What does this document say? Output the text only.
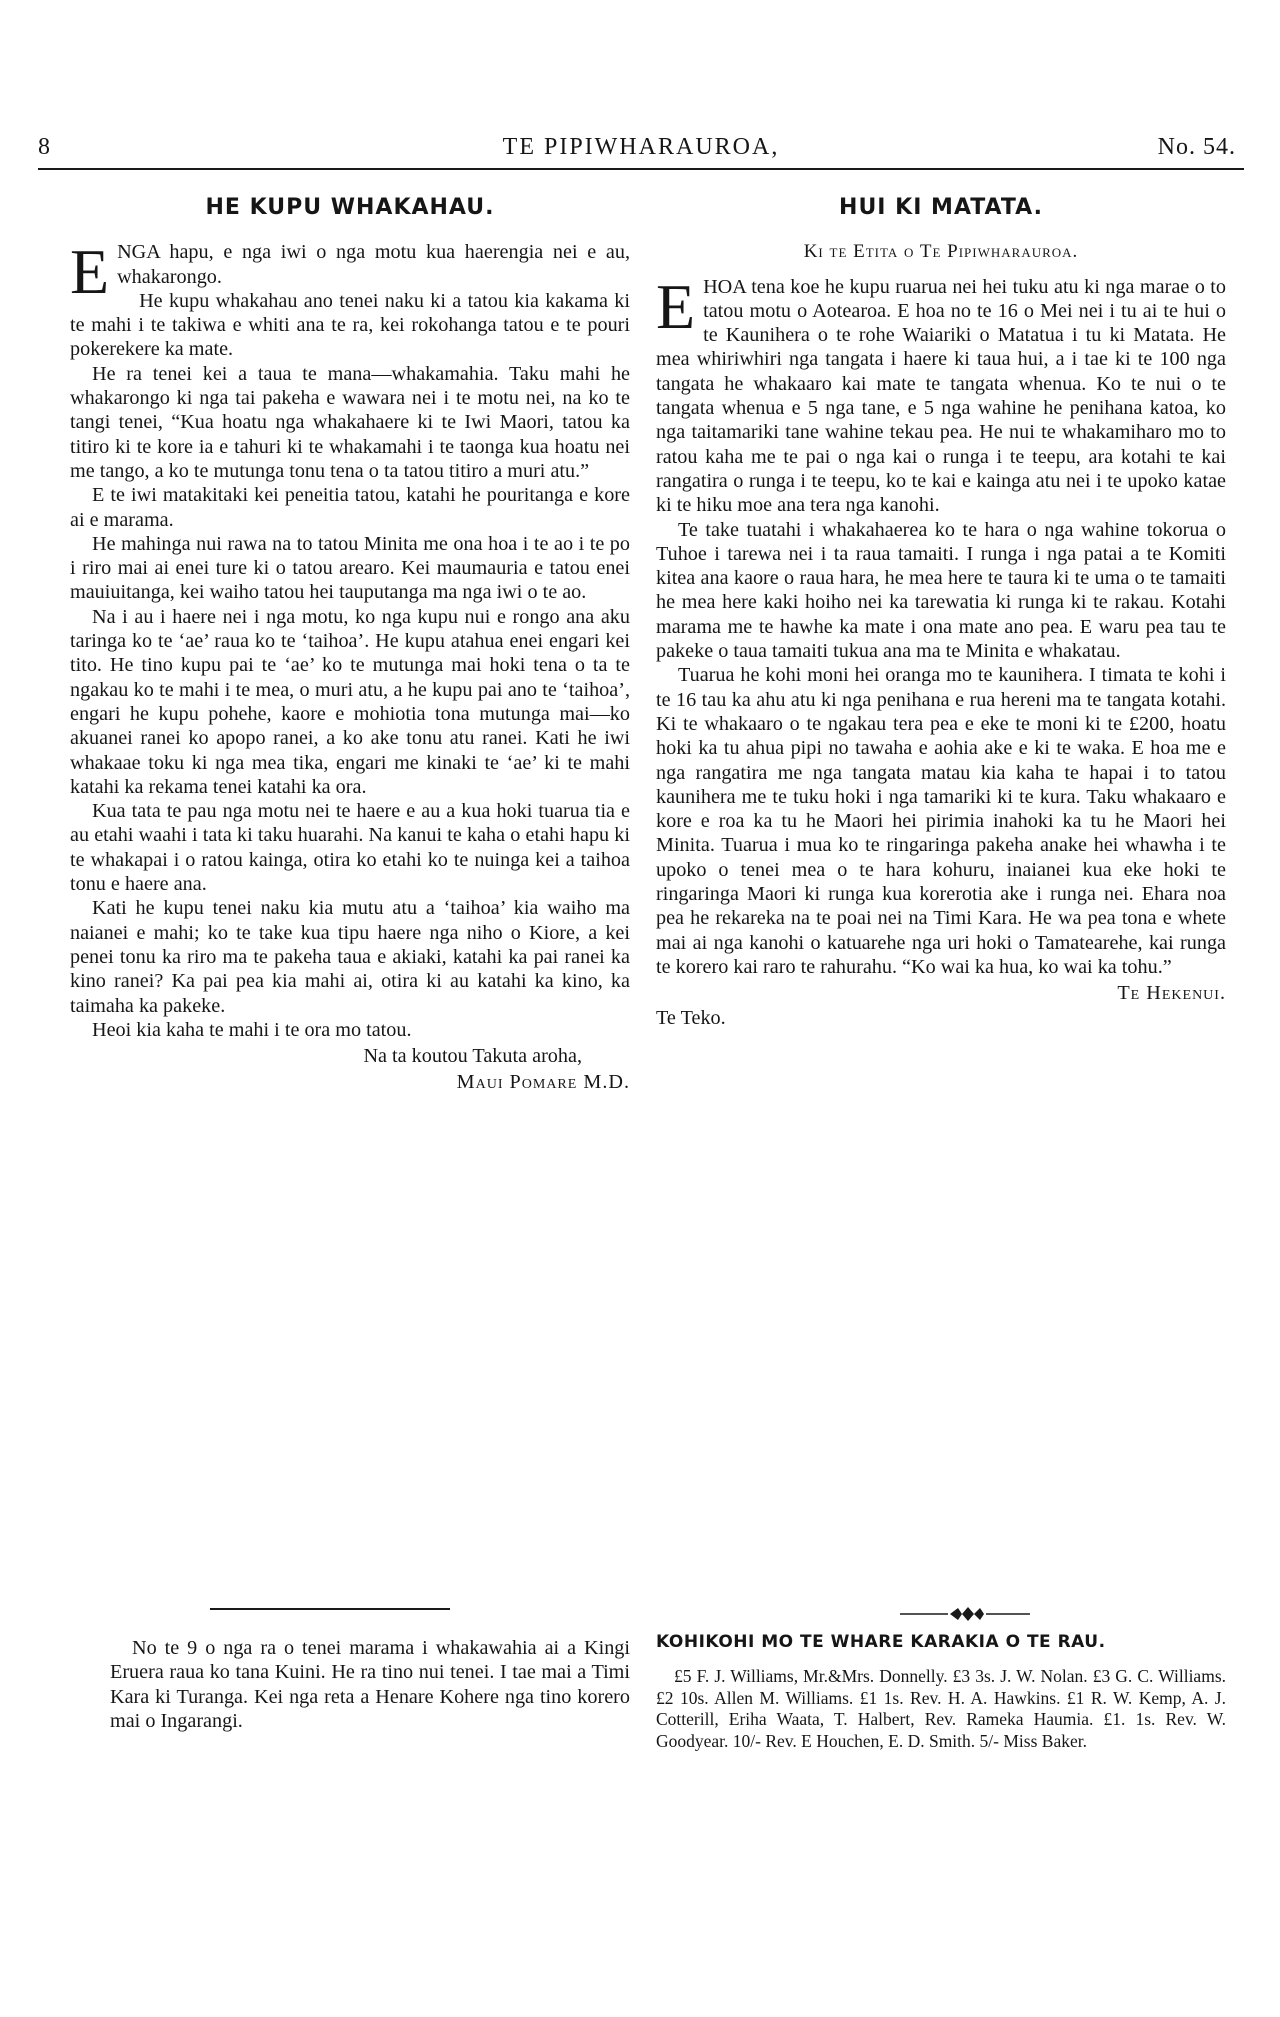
8	TE PIPIWHARAUROA,	No. 54.
HE KUPU WHAKAHAU.

ENGA hapu, e nga iwi o nga motu kua haerengia nei e au, whakarongo.

He kupu whakahau ano tenei naku ki a tatou kia kakama ki te mahi i te takiwa e whiti ana te ra, kei rokohanga tatou e te pouri pokerekere ka mate.

He ra tenei kei a taua te mana—whakamahia. Taku mahi he whakarongo ki nga tai pakeha e wawara nei i te motu nei, na ko te tangi tenei, “Kua hoatu nga whakahaere ki te Iwi Maori, tatou ka titiro ki te kore ia e tahuri ki te whakamahi i te taonga kua hoatu nei me tango, a ko te mutunga tonu tena o ta tatou titiro a muri atu.”

E te iwi matakitaki kei peneitia tatou, katahi he pouritanga e kore ai e marama.

He mahinga nui rawa na to tatou Minita me ona hoa i te ao i te po i riro mai ai enei ture ki o tatou arearo. Kei maumauria e tatou enei mauiuitanga, kei waiho tatou hei tauputanga ma nga iwi o te ao.

Na i au i haere nei i nga motu, ko nga kupu nui e rongo ana aku taringa ko te ‘ae’ raua ko te ‘taihoa’. He kupu atahua enei engari kei tito. He tino kupu pai te ‘ae’ ko te mutunga mai hoki tena o ta te ngakau ko te mahi i te mea, o muri atu, a he kupu pai ano te ‘taihoa’, engari he kupu pohehe, kaore e mohiotia tona mutunga mai—ko akuanei ranei ko apopo ranei, a ko ake tonu atu ranei. Kati he iwi whakaae toku ki nga mea tika, engari me kinaki te ‘ae’ ki te mahi katahi ka rekama tenei katahi ka ora.

Kua tata te pau nga motu nei te haere e au a kua hoki tuarua tia e au etahi waahi i tata ki taku huarahi. Na kanui te kaha o etahi hapu ki te whakapai i o ratou kainga, otira ko etahi ko te nuinga kei a taihoa tonu e haere ana.

Kati he kupu tenei naku kia mutu atu a ‘taihoa’ kia waiho ma naianei e mahi; ko te take kua tipu haere nga niho o Kiore, a kei penei tonu ka riro ma te pakeha taua e akiaki, katahi ka pai ranei ka kino ranei? Ka pai pea kia mahi ai, otira ki au katahi ka kino, ka taimaha ka pakeke.

Heoi kia kaha te mahi i te ora mo tatou.

Na ta koutou Takuta aroha,
Maui Pomare M.D.

No te 9 o nga ra o tenei marama i whakawahia ai a Kingi Eruera raua ko tana Kuini. He ra tino nui tenei. I tae mai a Timi Kara ki Turanga. Kei nga reta a Henare Kohere nga tino korero mai o Ingarangi.

HUI KI MATATA.
Ki te Etita o Te Pipiwharauroa.

EHOA tena koe he kupu ruarua nei hei tuku atu ki nga marae o to tatou motu o Aotearoa. E hoa no te 16 o Mei nei i tu ai te hui o te Kaunihera o te rohe Waiariki o Matatua i tu ki Matata. He mea whiriwhiri nga tangata i haere ki taua hui, a i tae ki te 100 nga tangata he whakaaro kai mate te tangata whenua. Ko te nui o te tangata whenua e 5 nga tane, e 5 nga wahine he penihana katoa, ko nga taitamariki tane wahine tekau pea. He nui te whakamiharo mo to ratou kaha me te pai o nga kai o runga i te teepu, ara kotahi te kai rangatira o runga i te teepu, ko te kai e kainga atu nei i te upoko katae ki te hiku moe ana tera nga kanohi.

Te take tuatahi i whakahaerea ko te hara o nga wahine tokorua o Tuhoe i tarewa nei i ta raua tamaiti. I runga i nga patai a te Komiti kitea ana kaore o raua hara, he mea here te taura ki te uma o te tamaiti he mea here kaki hoiho nei ka tarewatia ki runga ki te rakau. Kotahi marama me te hawhe ka mate i ona mate ano pea. E waru pea tau te pakeke o taua tamaiti tukua ana ma te Minita e whakatau.

Tuarua he kohi moni hei oranga mo te kaunihera. I timata te kohi i te 16 tau ka ahu atu ki nga penihana e rua hereni ma te tangata kotahi. Ki te whakaaro o te ngakau tera pea e eke te moni ki te £200, hoatu hoki ka tu ahua pipi no tawaha e aohia ake e ki te waka. E hoa me e nga rangatira me nga tangata matau kia kaha te hapai i to tatou kaunihera me te tuku hoki i nga tamariki ki te kura. Taku whakaaro e kore e roa ka tu he Maori hei pirimia inahoki ka tu he Maori hei Minita. Tuarua i mua ko te ringaringa pakeha anake hei whawha i te upoko o tenei mea o te hara kohuru, inaianei kua eke hoki te ringaringa Maori ki runga kua korerotia ake i runga nei. Ehara noa pea he rekareka na te poai nei na Timi Kara. He wa pea tona e whete mai ai nga kanohi o katuarehe nga uri hoki o Tamatearehe, kai runga te korero kai raro te rahurahu. “Ko wai ka hua, ko wai ka tohu.”

Te Hekenui.

Te Teko.

KOHIKOHI MO TE WHARE KARAKIA O TE RAU.
£5 F. J. Williams, Mr.&Mrs. Donnelly. £3 3s. J. W. Nolan. £3 G. C. Williams. £2 10s. Allen M. Williams. £1 1s. Rev. H. A. Hawkins. £1 R. W. Kemp, A. J. Cotterill, Eriha Waata, T. Halbert, Rev. Rameka Haumia. £1. 1s. Rev. W. Goodyear. 10/- Rev. E Houchen, E. D. Smith. 5/- Miss Baker.
